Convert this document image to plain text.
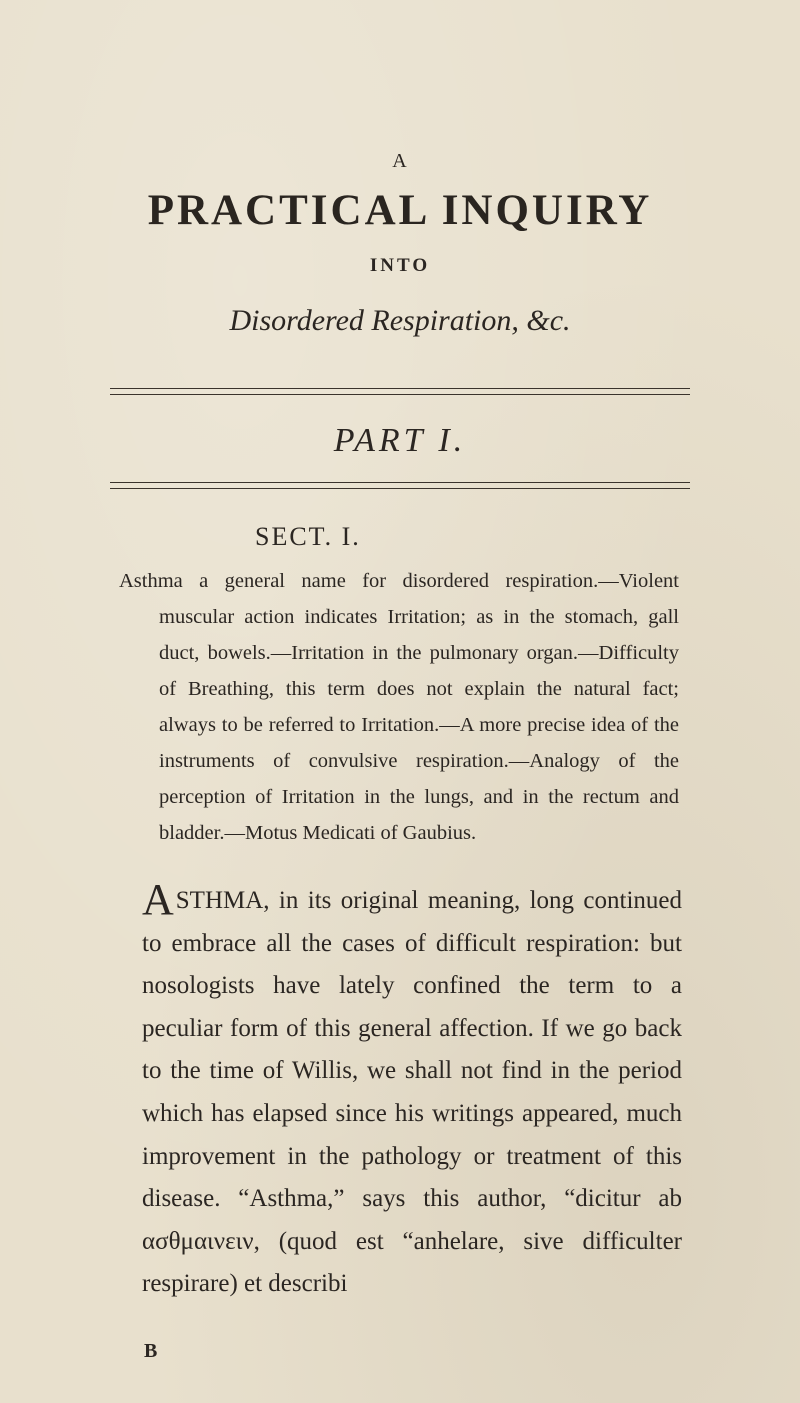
A
PRACTICAL INQUIRY
INTO
Disordered Respiration, &c.
PART I.
SECT. I.

Asthma a general name for disordered respiration.—Violent muscular action indicates Irritation; as in the stomach, gall duct, bowels.—Irritation in the pulmonary organ.—Difficulty of Breathing, this term does not explain the natural fact; always to be referred to Irritation.—A more precise idea of the instruments of convulsive respiration.—Analogy of the perception of Irritation in the lungs, and in the rectum and bladder.—Motus Medicati of Gaubius.

A STHMA, in its original meaning, long continued to embrace all the cases of difficult respiration: but nosologists have lately confined the term to a peculiar form of this general affection. If we go back to the time of Willis, we shall not find in the period which has elapsed since his writings appeared, much improvement in the pathology or treatment of this disease. “Asthma,” says this author, “dicitur ab ασθμαινειν, (quod est “anhelare, sive difficulter respirare) et describi

B
